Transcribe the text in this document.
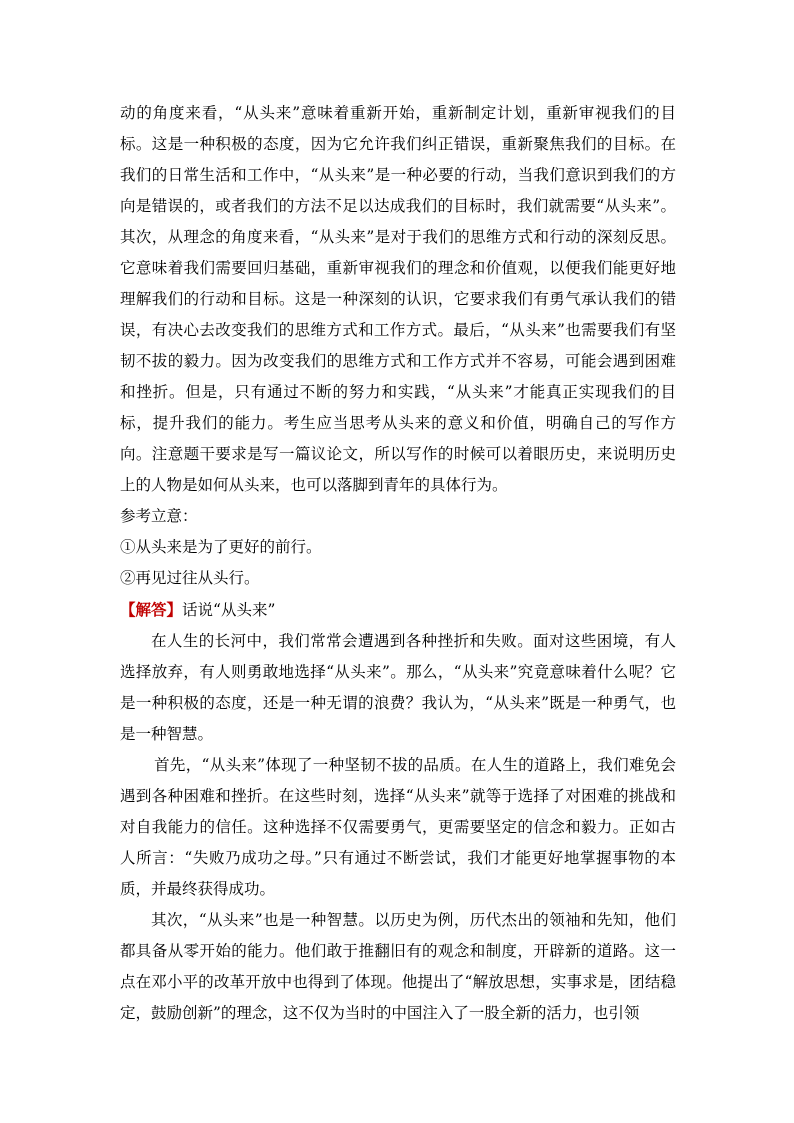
动的角度来看，“从头来”意味着重新开始，重新制定计划，重新审视我们的目标。这是一种积极的态度，因为它允许我们纠正错误，重新聚焦我们的目标。在我们的日常生活和工作中，“从头来”是一种必要的行动，当我们意识到我们的方向是错误的，或者我们的方法不足以达成我们的目标时，我们就需要“从头来”。其次，从理念的角度来看，“从头来”是对于我们的思维方式和行动的深刻反思。它意味着我们需要回归基础，重新审视我们的理念和价值观，以便我们能更好地理解我们的行动和目标。这是一种深刻的认识，它要求我们有勇气承认我们的错误，有决心去改变我们的思维方式和工作方式。最后，“从头来”也需要我们有坚韧不拔的毅力。因为改变我们的思维方式和工作方式并不容易，可能会遇到困难和挫折。但是，只有通过不断的努力和实践，“从头来”才能真正实现我们的目标，提升我们的能力。考生应当思考从头来的意义和价值，明确自己的写作方向。注意题干要求是写一篇议论文，所以写作的时候可以着眼历史，来说明历史上的人物是如何从头来，也可以落脚到青年的具体行为。

参考立意：

①从头来是为了更好的前行。

②再见过往从头行。

【解答】话说“从头来”

在人生的长河中，我们常常会遭遇到各种挫折和失败。面对这些困境，有人选择放弃，有人则勇敢地选择“从头来”。那么，“从头来”究竟意味着什么呢？它是一种积极的态度，还是一种无谓的浪费？我认为，“从头来”既是一种勇气，也是一种智慧。

首先，“从头来”体现了一种坚韧不拔的品质。在人生的道路上，我们难免会遇到各种困难和挫折。在这些时刻，选择“从头来”就等于选择了对困难的挑战和对自我能力的信任。这种选择不仅需要勇气，更需要坚定的信念和毅力。正如古人所言：“失败乃成功之母。”只有通过不断尝试，我们才能更好地掌握事物的本质，并最终获得成功。

其次，“从头来”也是一种智慧。以历史为例，历代杰出的领袖和先知，他们都具备从零开始的能力。他们敢于推翻旧有的观念和制度，开辟新的道路。这一点在邓小平的改革开放中也得到了体现。他提出了“解放思想，实事求是，团结稳定，鼓励创新”的理念，这不仅为当时的中国注入了一股全新的活力，也引领
